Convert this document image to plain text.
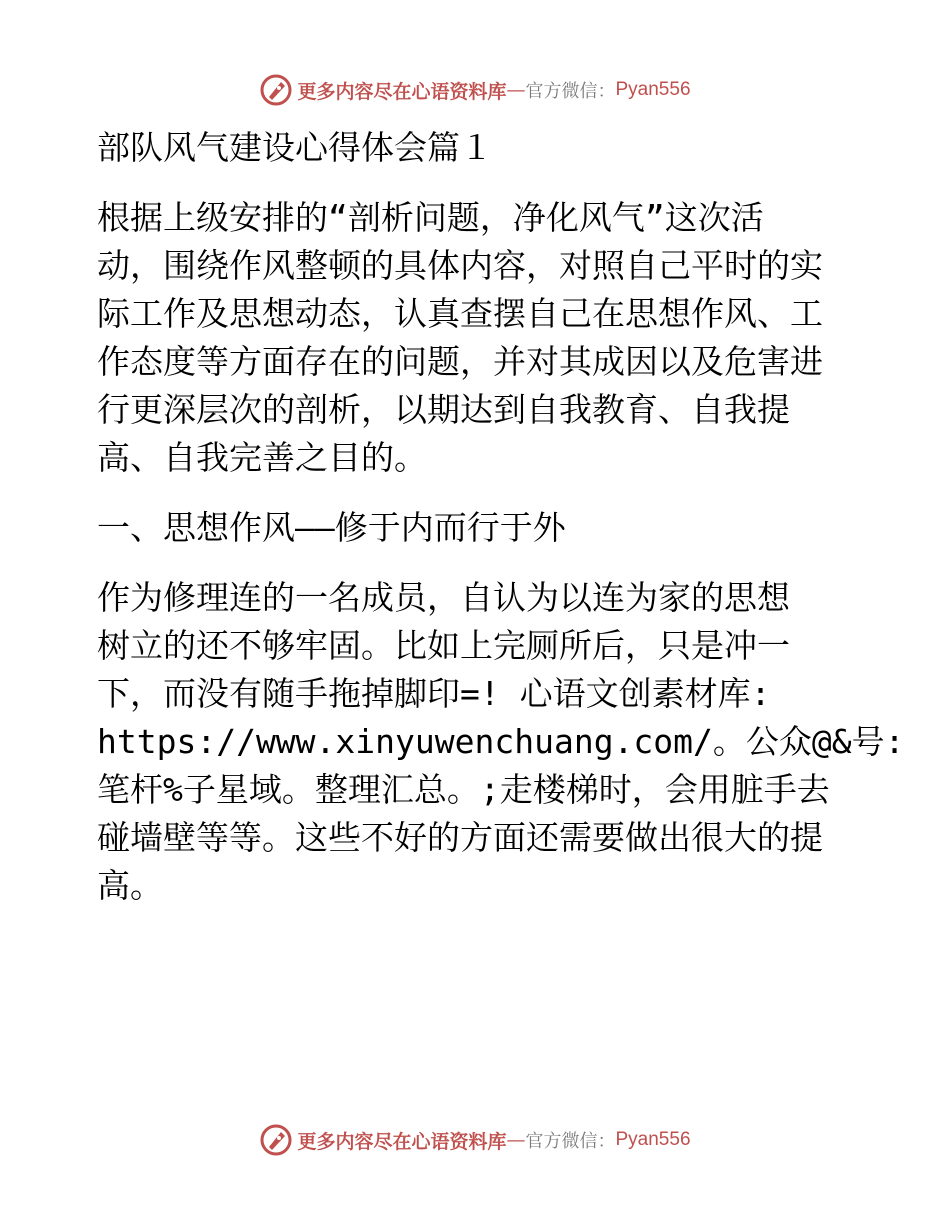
更多内容尽在心语资料库 — 官方微信： Pyan556
部队风气建设心得体会篇１
根据上级安排的“剖析问题，净化风气”这次活
动，围绕作风整顿的具体内容，对照自己平时的实
际工作及思想动态，认真查摆自己在思想作风、工
作态度等方面存在的问题，并对其成因以及危害进
行更深层次的剖析，以期达到自我教育、自我提
高、自我完善之目的。
一、思想作风——修于内而行于外
作为修理连的一名成员，自认为以连为家的思想
树立的还不够牢固。比如上完厕所后，只是冲一
下，而没有随手拖掉脚印=! 心语文创素材库:
https://www.xinyuwenchuang.com/。公众@&号:
笔杆%子星域。整理汇总。;走楼梯时，会用脏手去
碰墙壁等等。这些不好的方面还需要做出很大的提
高。
更多内容尽在心语资料库 — 官方微信： Pyan556
